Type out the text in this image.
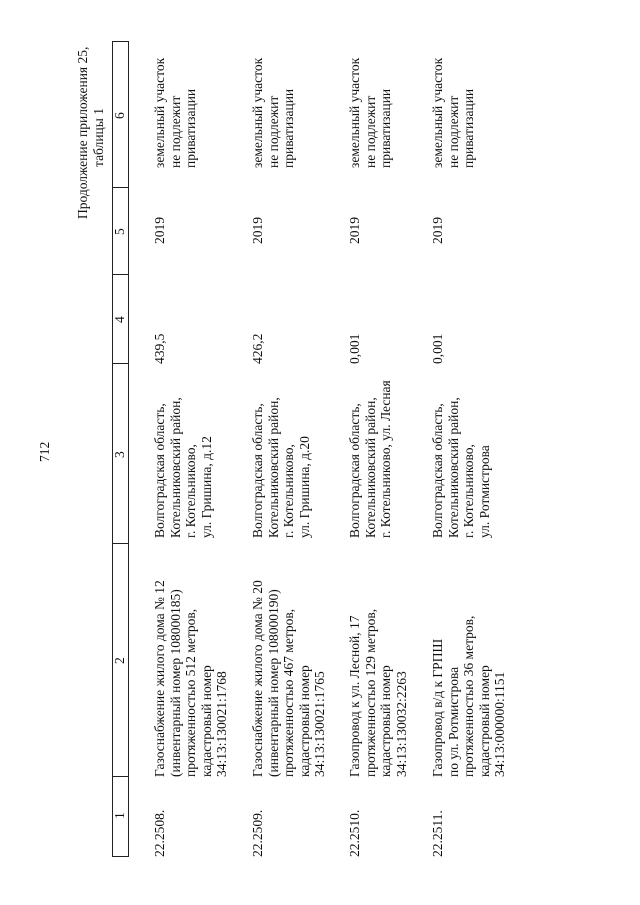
712
Продолжение приложения 25, таблицы 1
1
2
3
4
5
6
22.2508.
Газоснабжение жилого дома № 12
(инвентарный номер 108000185)
протяженностью 512 метров,
кадастровый номер
34:13:130021:1768
Волгоградская область,
Котельниковский район,
г. Котельниково,
ул. Гришина, д.12
439,5
2019
земельный участок
не подлежит
приватизации
22.2509.
Газоснабжение жилого дома № 20
(инвентарный номер 108000190)
протяженностью 467 метров,
кадастровый номер
34:13:130021:1765
Волгоградская область,
Котельниковский район,
г. Котельниково,
ул. Гришина, д.20
426,2
2019
земельный участок
не подлежит
приватизации
22.2510.
Газопровод к ул. Лесной, 17
протяженностью 129 метров,
кадастровый номер
34:13:130032:2263
Волгоградская область,
Котельниковский район,
г. Котельниково, ул. Лесная
0,001
2019
земельный участок
не подлежит
приватизации
22.2511.
Газопровод в/д к ГРПШ
по ул. Ротмистрова
протяженностью 36 метров,
кадастровый номер
34:13:000000:1151
Волгоградская область,
Котельниковский район,
г. Котельниково,
ул. Ротмистрова
0,001
2019
земельный участок
не подлежит
приватизации
